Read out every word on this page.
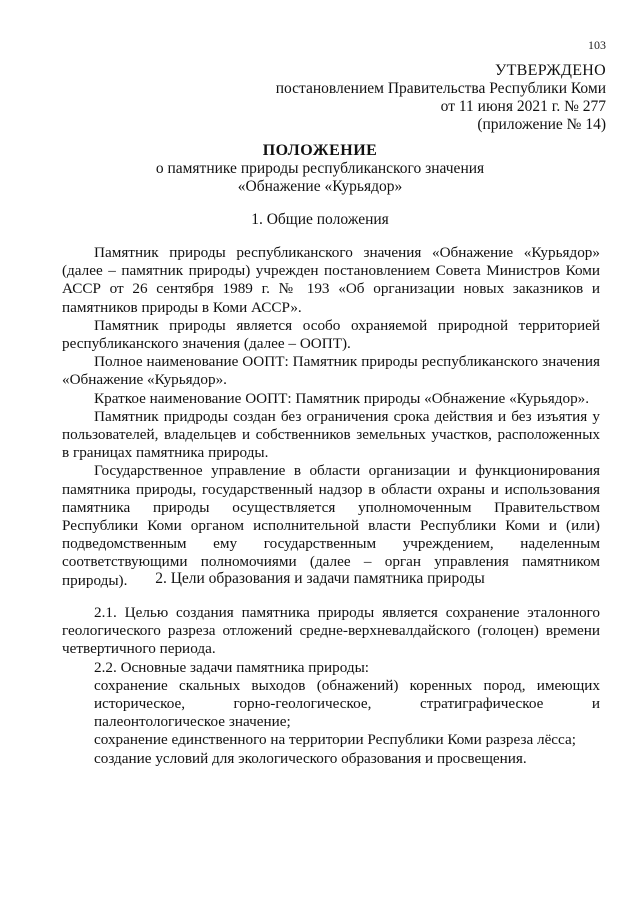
103
УТВЕРЖДЕНО
постановлением Правительства Республики Коми
от 11 июня 2021 г. № 277
(приложение № 14)
ПОЛОЖЕНИЕ
о памятнике природы республиканского значения
«Обнажение «Курьядор»
1. Общие положения

Памятник природы республиканского значения «Обнажение «Курьядор» (далее – памятник природы) учрежден постановлением Совета Министров Коми АССР от 26 сентября 1989 г. № 193 «Об организации новых заказников и памятников природы в Коми АССР».

Памятник природы является особо охраняемой природной территорией республиканского значения (далее – ООПТ).

Полное наименование ООПТ: Памятник природы республиканского значения «Обнажение «Курьядор».

Краткое наименование ООПТ: Памятник природы «Обнажение «Курьядор».

Памятник придроды создан без ограничения срока действия и без изъятия у пользователей, владельцев и собственников земельных участков, расположенных в границах памятника природы.

Государственное управление в области организации и функционирования памятника природы, государственный надзор в области охраны и использования памятника природы осуществляется уполномоченным Правительством Республики Коми органом исполнительной власти Республики Коми и (или) подведомственным ему государственным учреждением, наделенным соответствующими полномочиями (далее – орган управления памятником природы).	2. Цели образования и задачи памятника природы

2.1. Целью создания памятника природы является сохранение эталонного геологического разреза отложений средне-верхневалдайского (голоцен) времени четвертичного периода.

2.2. Основные задачи памятника природы:

сохранение скальных выходов (обнажений) коренных пород, имеющих историческое, горно-геологическое, стратиграфическое и палеонтологическое значение;

сохранение единственного на территории Республики Коми разреза лёсса;

создание условий для экологического образования и просвещения.
